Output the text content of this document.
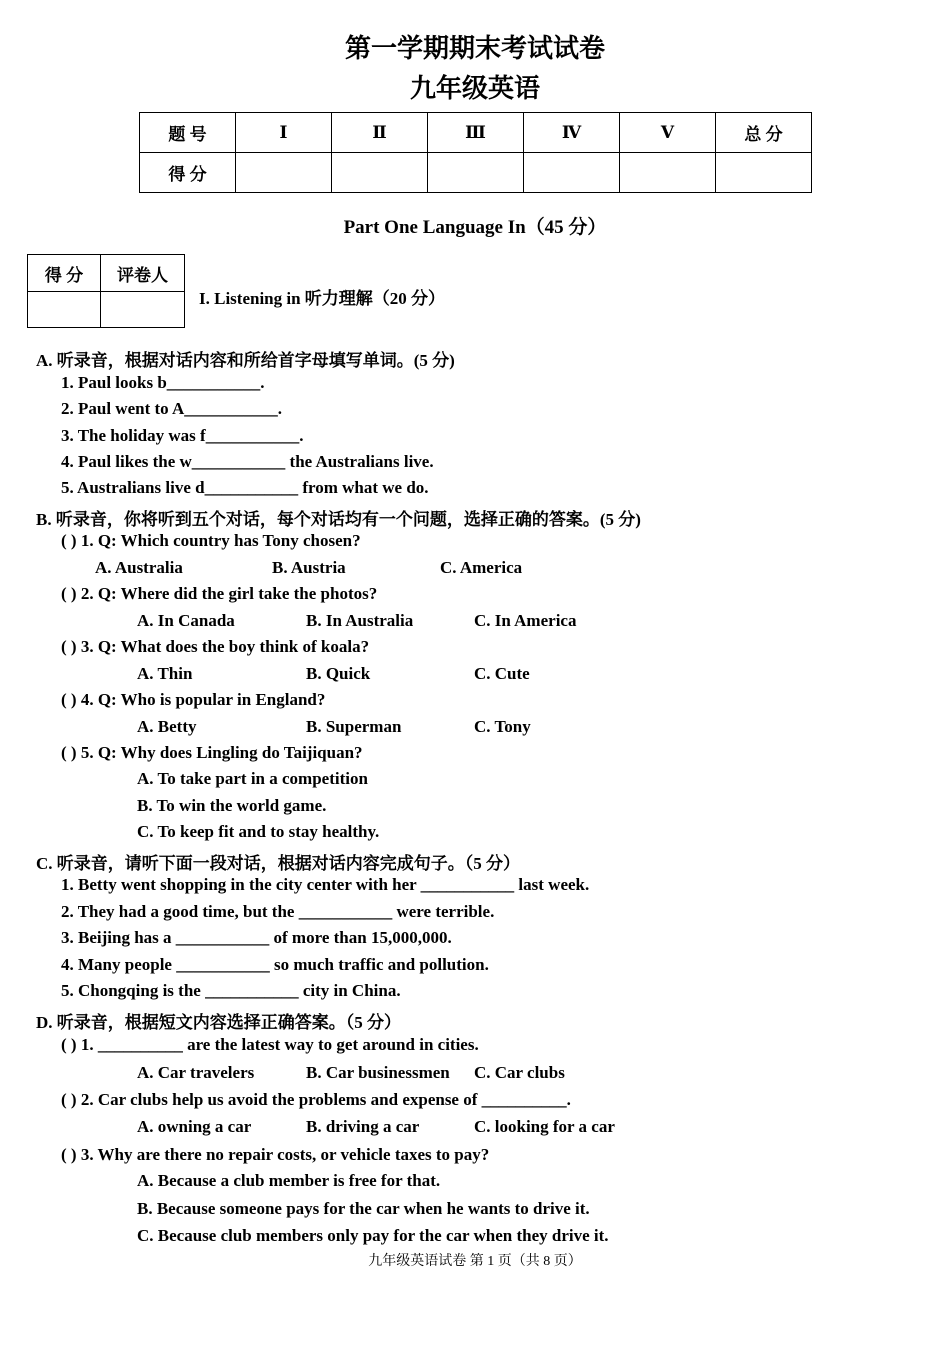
第一学期期末考试试卷
九年级英语
题 号	Ⅰ	Ⅱ	Ⅲ	Ⅳ	Ⅴ	总 分
得 分						
Part One Language In（45 分）
得 分	评卷人

I. Listening in 听力理解（20 分）
A. 听录音，根据对话内容和所给首字母填写单词。(5 分)
1. Paul looks b___________.
2. Paul went to A___________.
3. The holiday was f___________.
4. Paul likes the w___________ the Australians live.
5. Australians live d___________ from what we do.
B. 听录音，你将听到五个对话，每个对话均有一个问题，选择正确的答案。(5 分)
( ) 1. Q: Which country has Tony chosen?
A. Australia	B. Austria	C. America
( ) 2. Q: Where did the girl take the photos?
A. In Canada	B. In Australia	C. In America
( ) 3. Q: What does the boy think of koala?
A. Thin	B. Quick	C. Cute
( ) 4. Q: Who is popular in England?
A. Betty	B. Superman	C. Tony
( ) 5. Q: Why does Lingling do Taijiquan?
A. To take part in a competition
B. To win the world game.
C. To keep fit and to stay healthy.
C. 听录音，请听下面一段对话，根据对话内容完成句子。（5 分）
1. Betty went shopping in the city center with her ___________ last week.
2. They had a good time, but the ___________ were terrible.
3. Beijing has a ___________ of more than 15,000,000.
4. Many people ___________ so much traffic and pollution.
5. Chongqing is the ___________ city in China.
D. 听录音，根据短文内容选择正确答案。（5 分）
( ) 1. __________ are the latest way to get around in cities.
A. Car travelers	B. Car businessmen C. Car clubs
( ) 2. Car clubs help us avoid the problems and expense of __________.
A. owning a car	B. driving a car	C. looking for a car
( ) 3. Why are there no repair costs, or vehicle taxes to pay?
A. Because a club member is free for that.
B. Because someone pays for the car when he wants to drive it.
C. Because club members only pay for the car when they drive it.
九年级英语试卷 第 1 页（共 8 页）
